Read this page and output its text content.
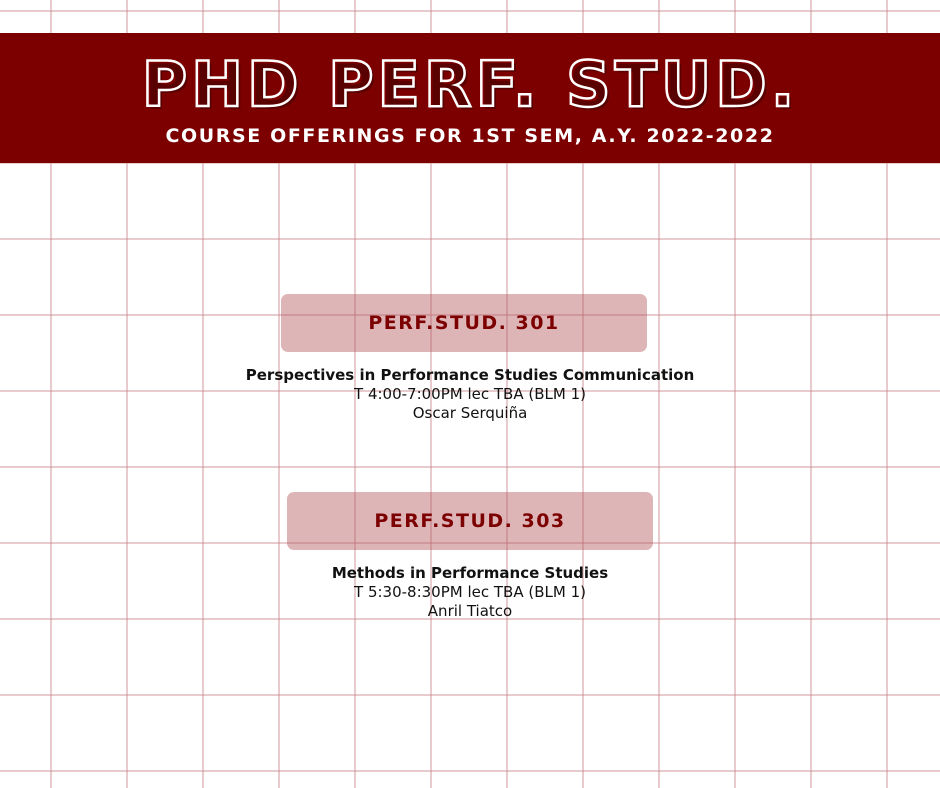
PHD PERF. STUD.
COURSE OFFERINGS FOR 1ST SEM, A.Y. 2022-2022
PERF.STUD. 301
Perspectives in Performance Studies Communication
T 4:00-7:00PM lec TBA (BLM 1)
Oscar Serquiña
PERF.STUD. 303
Methods in Performance Studies
T 5:30-8:30PM lec TBA (BLM 1)
Anril Tiatco
